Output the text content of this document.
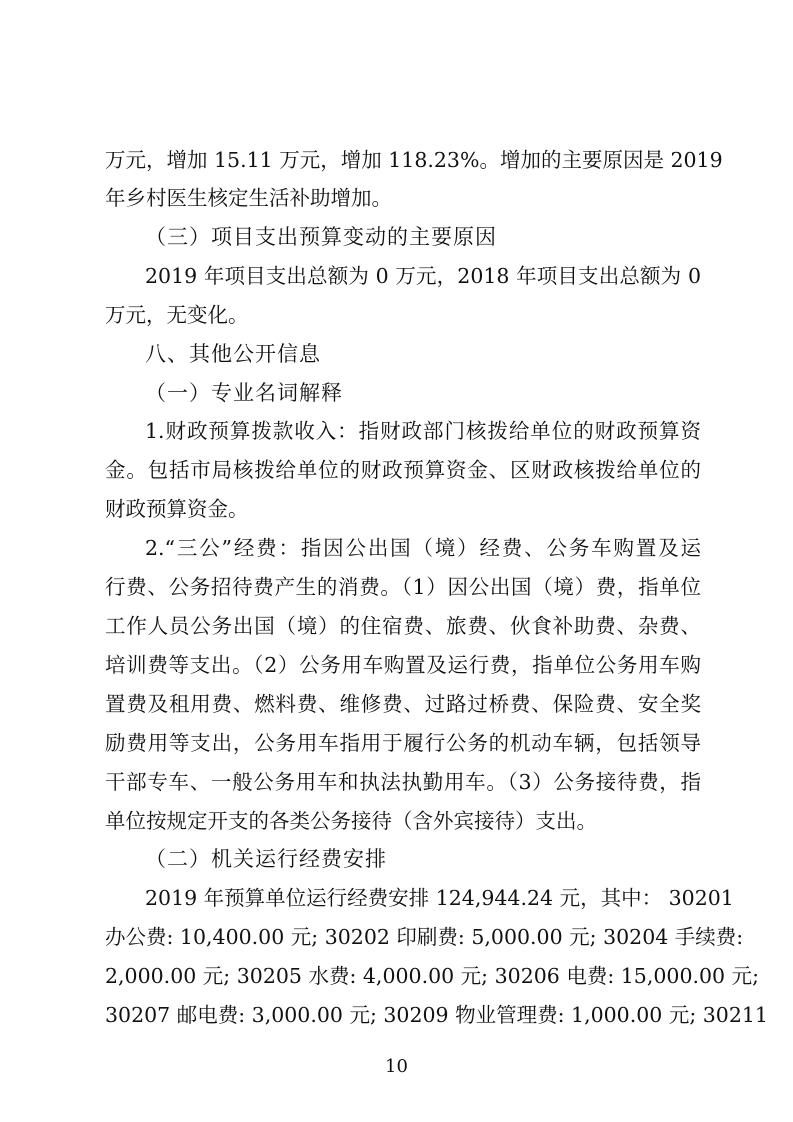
万元，增加 15.11 万元，增加 118.23%。增加的主要原因是 2019
年乡村医生核定生活补助增加。
（三）项目支出预算变动的主要原因
2019 年项目支出总额为 0 万元，2018 年项目支出总额为 0
万元，无变化。
八、其他公开信息
（一）专业名词解释
1.财政预算拨款收入：指财政部门核拨给单位的财政预算资
金。包括市局核拨给单位的财政预算资金、区财政核拨给单位的
财政预算资金。
2.“三公”经费：指因公出国（境）经费、公务车购置及运
行费、公务招待费产生的消费。（1）因公出国（境）费，指单位
工作人员公务出国（境）的住宿费、旅费、伙食补助费、杂费、
培训费等支出。（2）公务用车购置及运行费，指单位公务用车购
置费及租用费、燃料费、维修费、过路过桥费、保险费、安全奖
励费用等支出，公务用车指用于履行公务的机动车辆，包括领导
干部专车、一般公务用车和执法执勤用车。（3）公务接待费，指
单位按规定开支的各类公务接待（含外宾接待）支出。
（二）机关运行经费安排
2019 年预算单位运行经费安排 124,944.24 元，其中： 30201
办公费: 10,400.00 元; 30202 印刷费: 5,000.00 元; 30204 手续费:
2,000.00 元; 30205 水费: 4,000.00 元; 30206 电费: 15,000.00 元;
30207 邮电费: 3,000.00 元; 30209 物业管理费: 1,000.00 元; 30211
10
